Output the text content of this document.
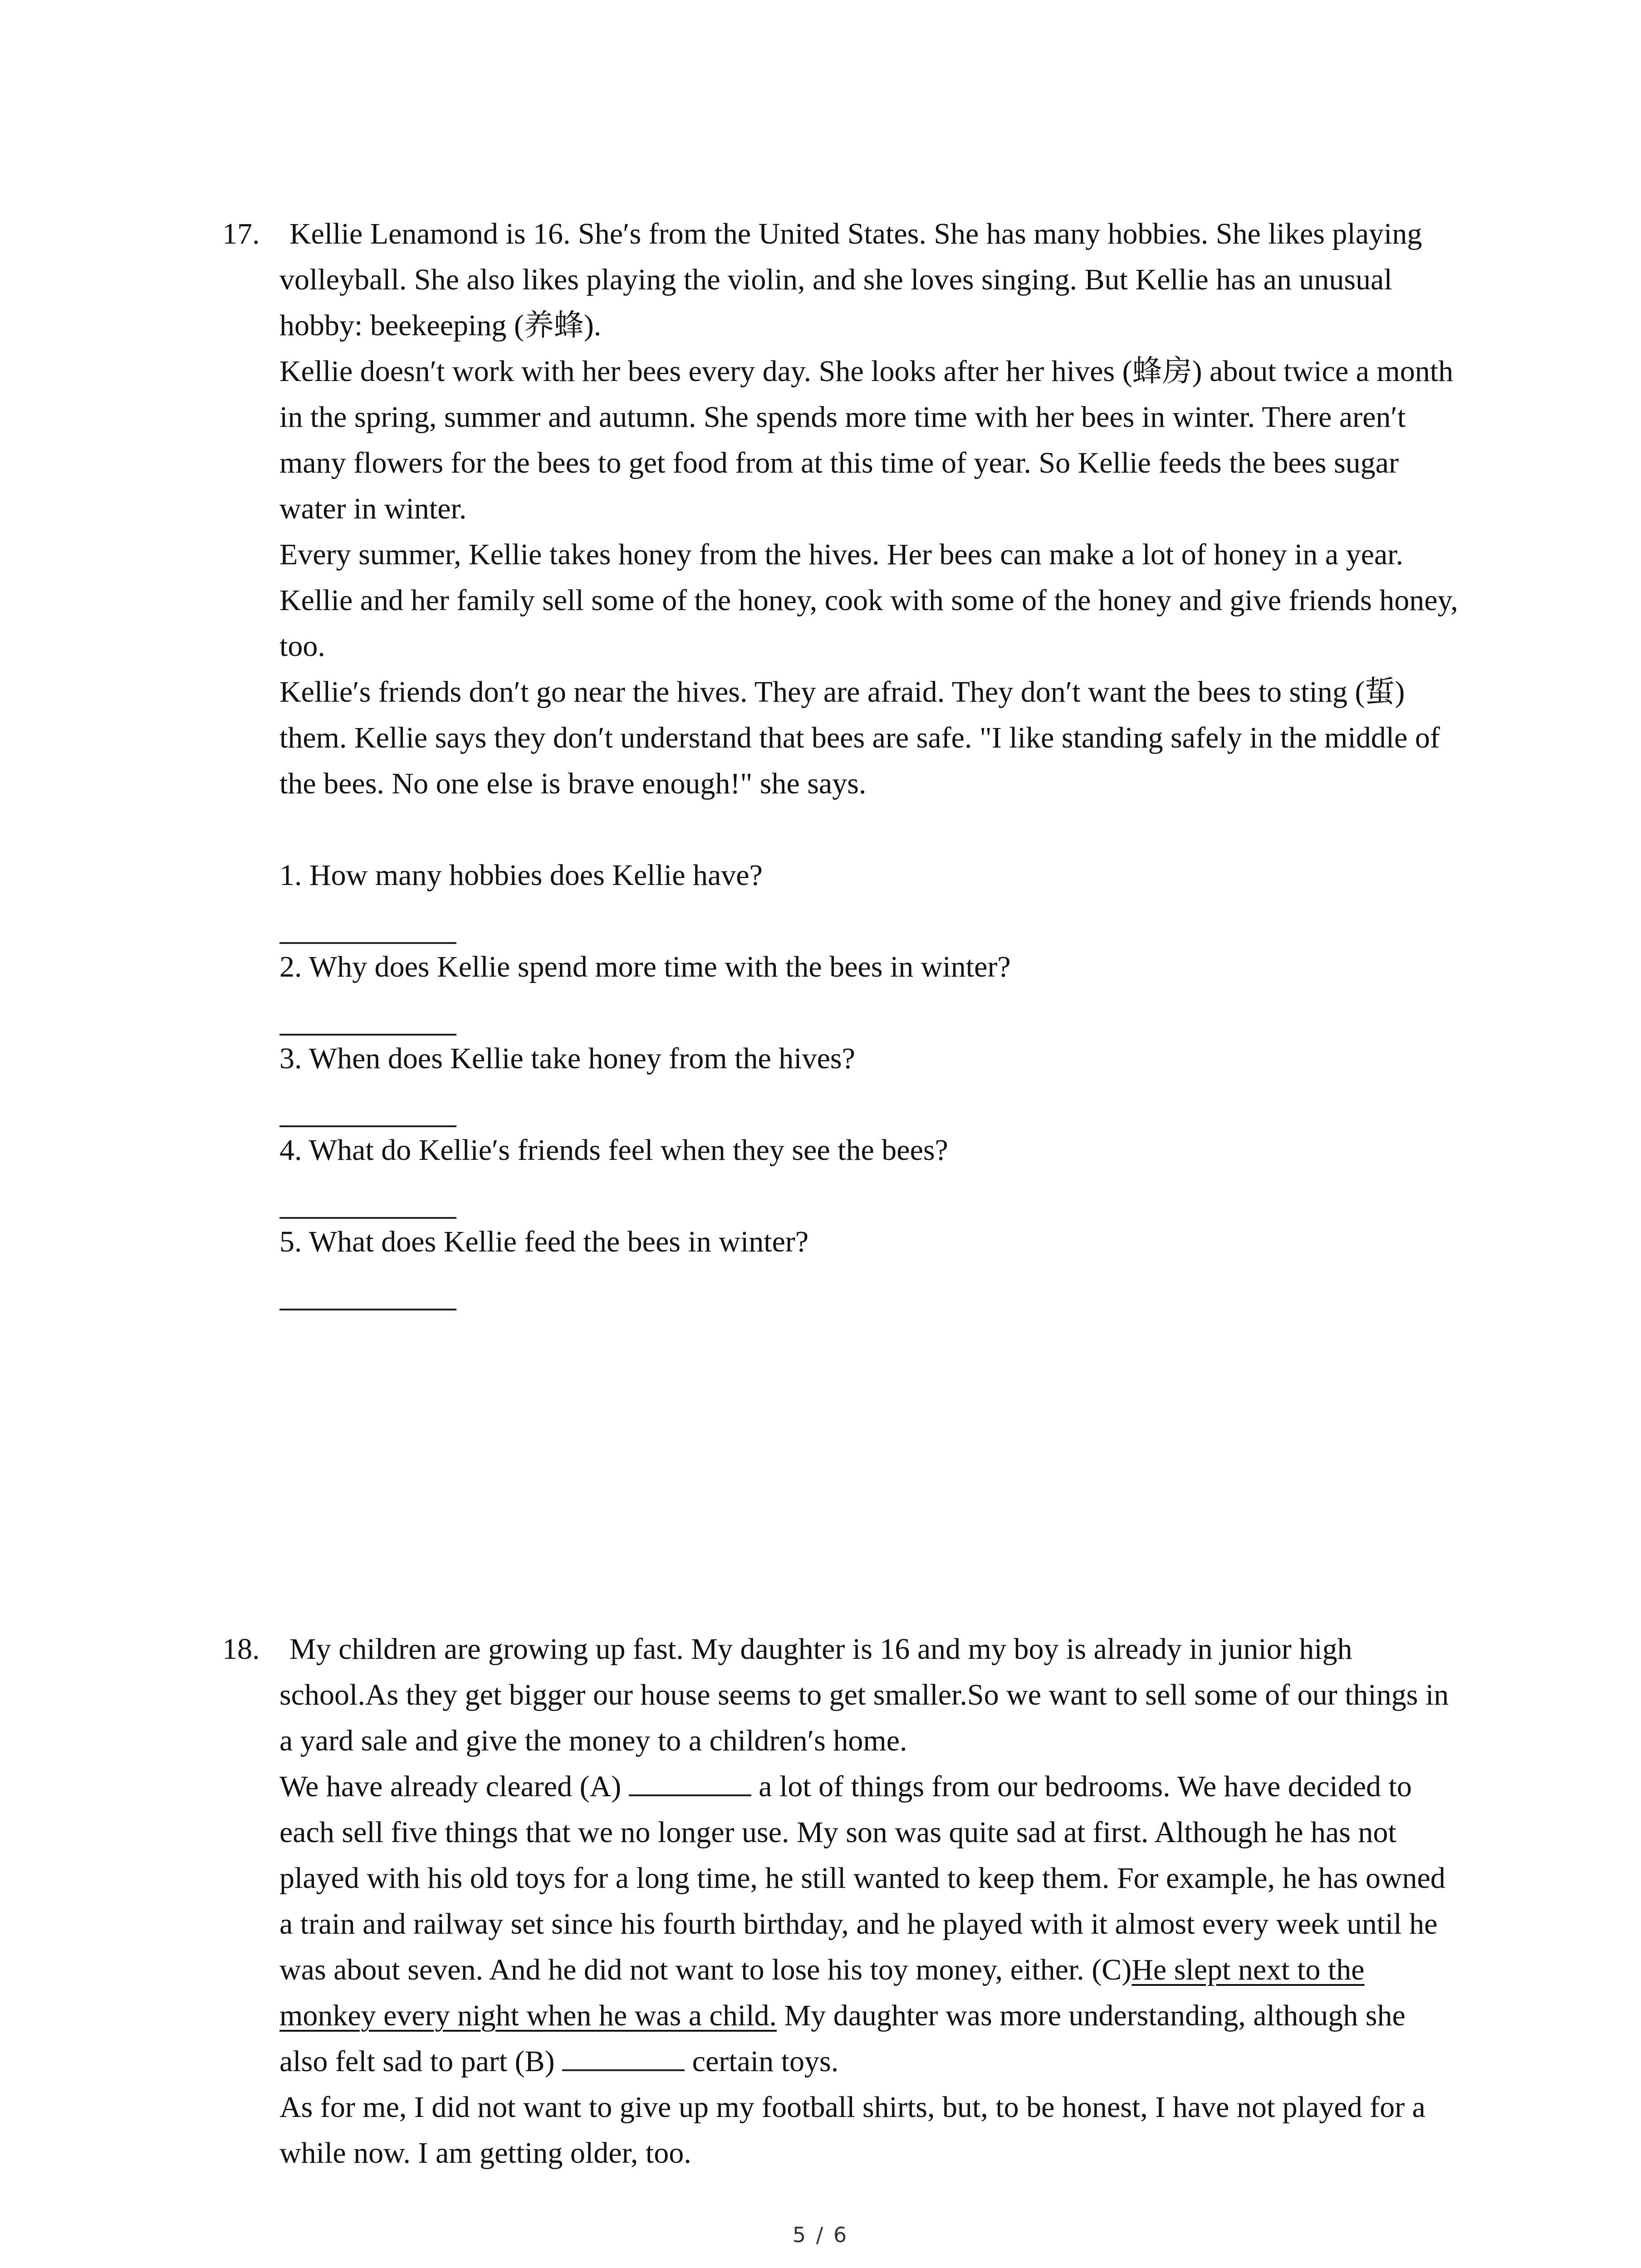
17. Kellie Lenamond is 16. She′s from the United States. She has many hobbies. She likes playing volleyball. She also likes playing the violin, and she loves singing. But Kellie has an unusual hobby: beekeeping (养蜂).

Kellie doesn′t work with her bees every day. She looks after her hives (蜂房) about twice a month in the spring, summer and autumn. She spends more time with her bees in winter. There aren′t many flowers for the bees to get food from at this time of year. So Kellie feeds the bees sugar water in winter.

Every summer, Kellie takes honey from the hives. Her bees can make a lot of honey in a year. Kellie and her family sell some of the honey, cook with some of the honey and give friends honey, too.

Kellie′s friends don′t go near the hives. They are afraid. They don′t want the bees to sting (蜇) them. Kellie says they don′t understand that bees are safe. "I like standing safely in the middle of the bees. No one else is brave enough!" she says.

1. How many hobbies does Kellie have?

2. Why does Kellie spend more time with the bees in winter?

3. When does Kellie take honey from the hives?

4. What do Kellie′s friends feel when they see the bees?

5. What does Kellie feed the bees in winter?

18. My children are growing up fast. My daughter is 16 and my boy is already in junior high school.As they get bigger our house seems to get smaller.So we want to sell some of our things in a yard sale and give the money to a children′s home.

We have already cleared (A)	a lot of things from our bedrooms. We have decided to each sell five things that we no longer use. My son was quite sad at first. Although he has not played with his old toys for a long time, he still wanted to keep them. For example, he has owned a train and railway set since his fourth birthday, and he played with it almost every week until he was about seven. And he did not want to lose his toy money, either. (C)He slept next to the monkey every night when he was a child. My daughter was more understanding, although she also felt sad to part (B)	certain toys.

As for me, I did not want to give up my football shirts, but, to be honest, I have not played for a while now. I am getting older, too.

5 / 6
